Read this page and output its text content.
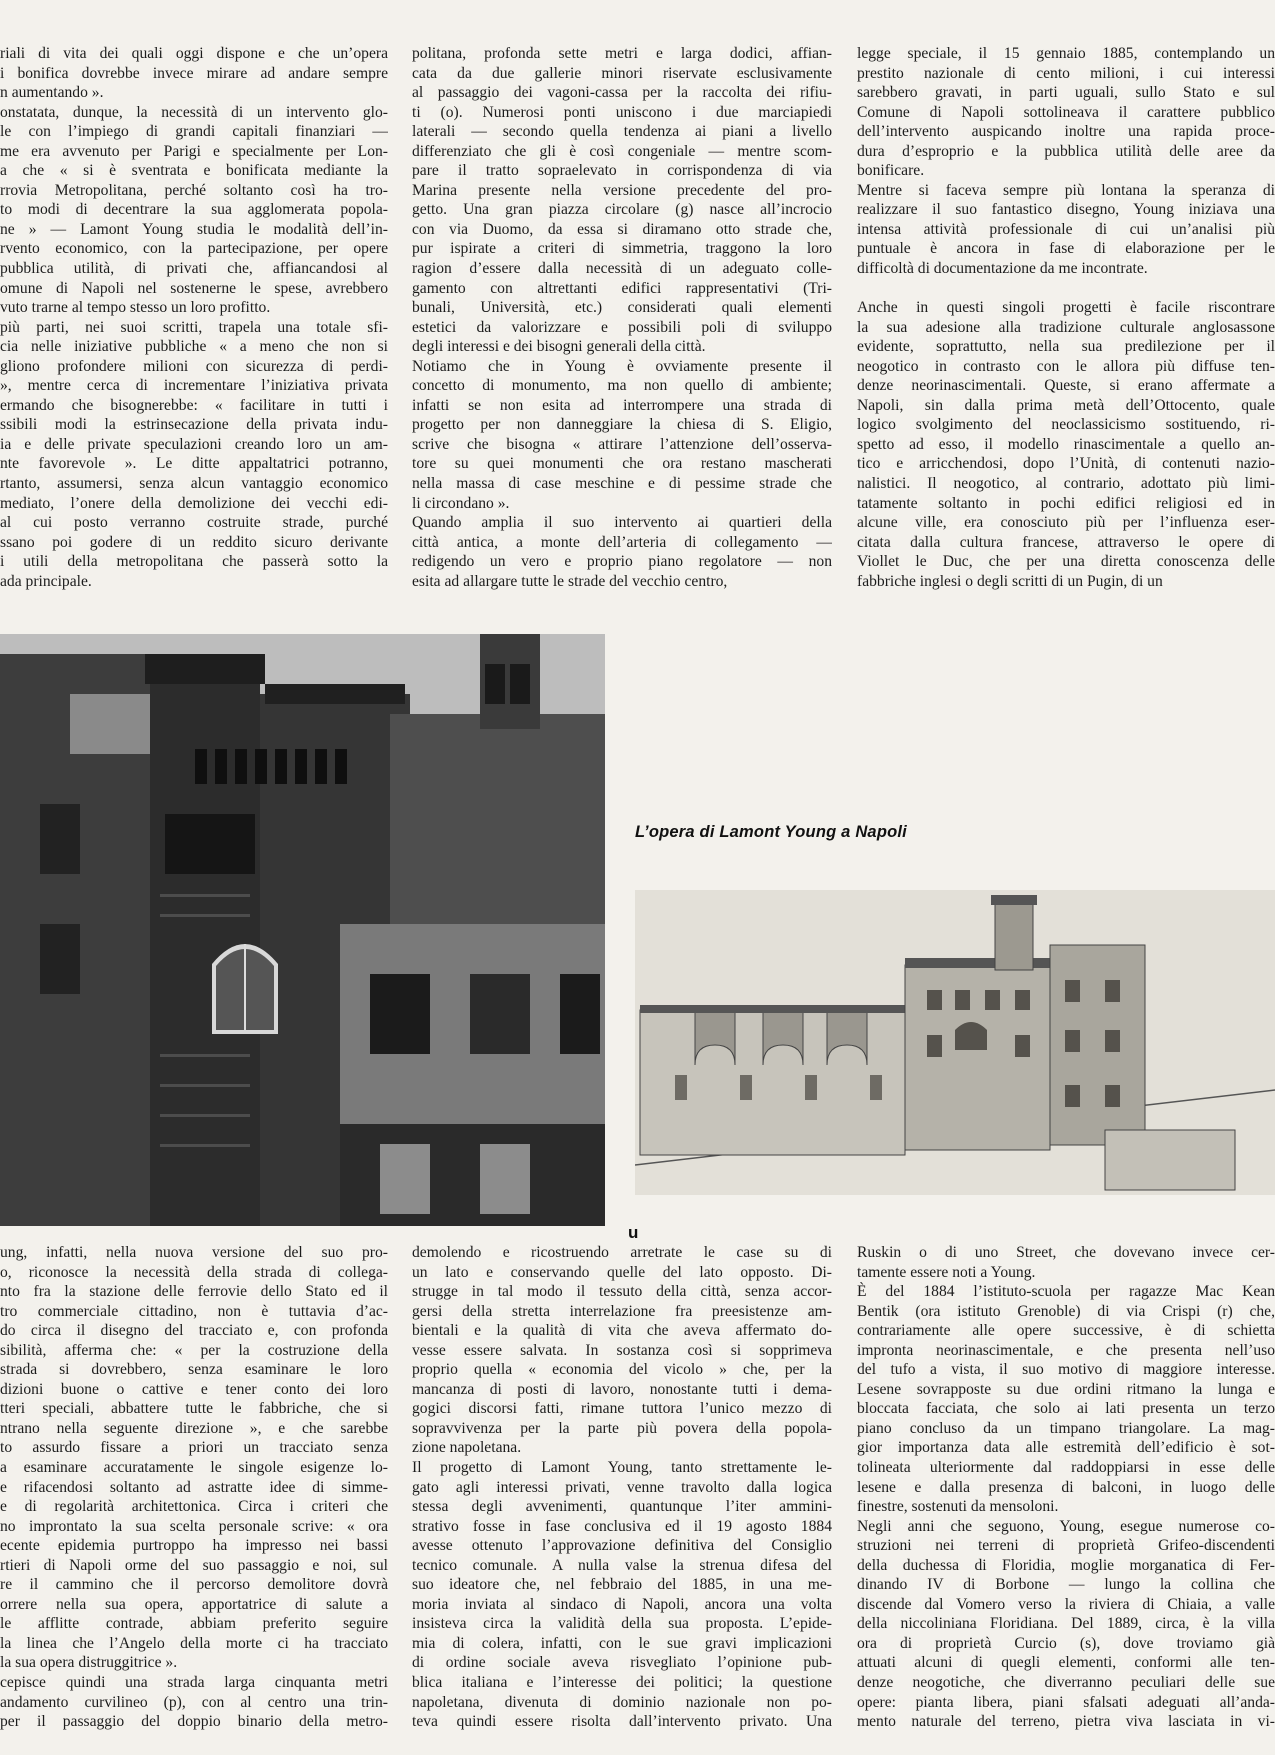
riali di vita dei quali oggi dispone e che un’opera
i bonifica dovrebbe invece mirare ad andare sempre
n aumentando ».
onstatata, dunque, la necessità di un intervento glo-
le con l’impiego di grandi capitali finanziari —
me era avvenuto per Parigi e specialmente per Lon-
a che « si è sventrata e bonificata mediante la
rrovia Metropolitana, perché soltanto così ha tro-
to modi di decentrare la sua agglomerata popola-
ne » — Lamont Young studia le modalità dell’in-
rvento economico, con la partecipazione, per opere
pubblica utilità, di privati che, affiancandosi al
omune di Napoli nel sostenerne le spese, avrebbero
vuto trarne al tempo stesso un loro profitto.
più parti, nei suoi scritti, trapela una totale sfi-
cia nelle iniziative pubbliche « a meno che non si
gliono profondere milioni con sicurezza di perdi-
», mentre cerca di incrementare l’iniziativa privata
ermando che bisognerebbe: « facilitare in tutti i
ssibili modi la estrinsecazione della privata indu-
ia e delle private speculazioni creando loro un am-
nte favorevole ». Le ditte appaltatrici potranno,
rtanto, assumersi, senza alcun vantaggio economico
mediato, l’onere della demolizione dei vecchi edi-
al cui posto verranno costruite strade, purché
ssano poi godere di un reddito sicuro derivante
i utili della metropolitana che passerà sotto la
ada principale.
politana, profonda sette metri e larga dodici, affian-
cata da due gallerie minori riservate esclusivamente
al passaggio dei vagoni-cassa per la raccolta dei rifiu-
ti (o). Numerosi ponti uniscono i due marciapiedi
laterali — secondo quella tendenza ai piani a livello
differenziato che gli è così congeniale — mentre scom-
pare il tratto sopraelevato in corrispondenza di via
Marina presente nella versione precedente del pro-
getto. Una gran piazza circolare (g) nasce all’incrocio
con via Duomo, da essa si diramano otto strade che,
pur ispirate a criteri di simmetria, traggono la loro
ragion d’essere dalla necessità di un adeguato colle-
gamento con altrettanti edifici rappresentativi (Tri-
bunali, Università, etc.) considerati quali elementi
estetici da valorizzare e possibili poli di sviluppo
degli interessi e dei bisogni generali della città.
Notiamo che in Young è ovviamente presente il
concetto di monumento, ma non quello di ambiente;
infatti se non esita ad interrompere una strada di
progetto per non danneggiare la chiesa di S. Eligio,
scrive che bisogna « attirare l’attenzione dell’osserva-
tore su quei monumenti che ora restano mascherati
nella massa di case meschine e di pessime strade che
li circondano ».
Quando amplia il suo intervento ai quartieri della
città antica, a monte dell’arteria di collegamento —
redigendo un vero e proprio piano regolatore — non
esita ad allargare tutte le strade del vecchio centro,
legge speciale, il 15 gennaio 1885, contemplando un
prestito nazionale di cento milioni, i cui interessi
sarebbero gravati, in parti uguali, sullo Stato e sul
Comune di Napoli sottolineava il carattere pubblico
dell’intervento auspicando inoltre una rapida proce-
dura d’esproprio e la pubblica utilità delle aree da
bonificare.
Mentre si faceva sempre più lontana la speranza di
realizzare il suo fantastico disegno, Young iniziava una
intensa attività professionale di cui un’analisi più
puntuale è ancora in fase di elaborazione per le
difficoltà di documentazione da me incontrate.

Anche in questi singoli progetti è facile riscontrare
la sua adesione alla tradizione culturale anglosassone
evidente, soprattutto, nella sua predilezione per il
neogotico in contrasto con le allora più diffuse ten-
denze neorinascimentali. Queste, si erano affermate a
Napoli, sin dalla prima metà dell’Ottocento, quale
logico svolgimento del neoclassicismo sostituendo, ri-
spetto ad esso, il modello rinascimentale a quello an-
tico e arricchendosi, dopo l’Unità, di contenuti nazio-
nalistici. Il neogotico, al contrario, adottato più limi-
tatamente soltanto in pochi edifici religiosi ed in
alcune ville, era conosciuto più per l’influenza eser-
citata dalla cultura francese, attraverso le opere di
Viollet le Duc, che per una diretta conoscenza delle
fabbriche inglesi o degli scritti di un Pugin, di un
L’opera di Lamont Young a Napoli
u
ung, infatti, nella nuova versione del suo pro-
o, riconosce la necessità della strada di collega-
nto fra la stazione delle ferrovie dello Stato ed il
tro commerciale cittadino, non è tuttavia d’ac-
do circa il disegno del tracciato e, con profonda
sibilità, afferma che: « per la costruzione della
strada si dovrebbero, senza esaminare le loro
dizioni buone o cattive e tener conto dei loro
tteri speciali, abbattere tutte le fabbriche, che si
ntrano nella seguente direzione », e che sarebbe
to assurdo fissare a priori un tracciato senza
a esaminare accuratamente le singole esigenze lo-
e rifacendosi soltanto ad astratte idee di simme-
e di regolarità architettonica. Circa i criteri che
no improntato la sua scelta personale scrive: « ora
ecente epidemia purtroppo ha impresso nei bassi
rtieri di Napoli orme del suo passaggio e noi, sul
re il cammino che il percorso demolitore dovrà
orrere nella sua opera, apportatrice di salute a
le afflitte contrade, abbiam preferito seguire
la linea che l’Angelo della morte ci ha tracciato
la sua opera distruggitrice ».
cepisce quindi una strada larga cinquanta metri
andamento curvilineo (p), con al centro una trin-
per il passaggio del doppio binario della metro-
demolendo e ricostruendo arretrate le case su di
un lato e conservando quelle del lato opposto. Di-
strugge in tal modo il tessuto della città, senza accor-
gersi della stretta interrelazione fra preesistenze am-
bientali e la qualità di vita che aveva affermato do-
vesse essere salvata. In sostanza così si sopprimeva
proprio quella « economia del vicolo » che, per la
mancanza di posti di lavoro, nonostante tutti i dema-
gogici discorsi fatti, rimane tuttora l’unico mezzo di
sopravvivenza per la parte più povera della popola-
zione napoletana.
Il progetto di Lamont Young, tanto strettamente le-
gato agli interessi privati, venne travolto dalla logica
stessa degli avvenimenti, quantunque l’iter ammini-
strativo fosse in fase conclusiva ed il 19 agosto 1884
avesse ottenuto l’approvazione definitiva del Consiglio
tecnico comunale. A nulla valse la strenua difesa del
suo ideatore che, nel febbraio del 1885, in una me-
moria inviata al sindaco di Napoli, ancora una volta
insisteva circa la validità della sua proposta. L’epide-
mia di colera, infatti, con le sue gravi implicazioni
di ordine sociale aveva risvegliato l’opinione pub-
blica italiana e l’interesse dei politici; la questione
napoletana, divenuta di dominio nazionale non po-
teva quindi essere risolta dall’intervento privato. Una
Ruskin o di uno Street, che dovevano invece cer-
tamente essere noti a Young.
È del 1884 l’istituto-scuola per ragazze Mac Kean
Bentik (ora istituto Grenoble) di via Crispi (r) che,
contrariamente alle opere successive, è di schietta
impronta neorinascimentale, e che presenta nell’uso
del tufo a vista, il suo motivo di maggiore interesse.
Lesene sovrapposte su due ordini ritmano la lunga e
bloccata facciata, che solo ai lati presenta un terzo
piano concluso da un timpano triangolare. La mag-
gior importanza data alle estremità dell’edificio è sot-
tolineata ulteriormente dal raddoppiarsi in esse delle
lesene e dalla presenza di balconi, in luogo delle
finestre, sostenuti da mensoloni.
Negli anni che seguono, Young, esegue numerose co-
struzioni nei terreni di proprietà Grifeo-discendenti
della duchessa di Floridia, moglie morganatica di Fer-
dinando IV di Borbone — lungo la collina che
discende dal Vomero verso la riviera di Chiaia, a valle
della niccoliniana Floridiana. Del 1889, circa, è la villa
ora di proprietà Curcio (s), dove troviamo già
attuati alcuni di quegli elementi, conformi alle ten-
denze neogotiche, che diverranno peculiari delle sue
opere: pianta libera, piani sfalsati adeguati all’anda-
mento naturale del terreno, pietra viva lasciata in vi-
